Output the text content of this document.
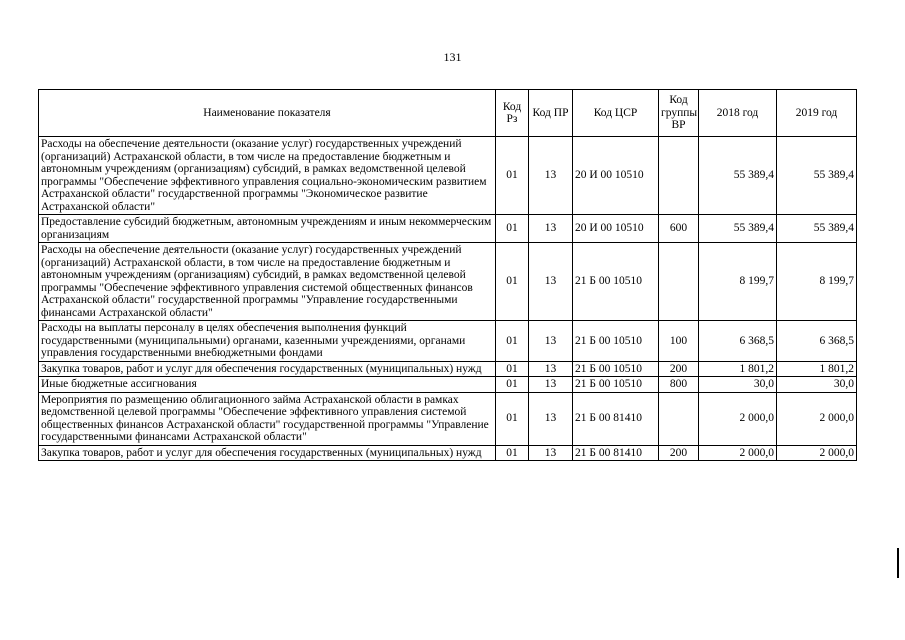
131
Наименование показателя	Код Рз	Код ПР	Код ЦСР	Код группы ВР	2018 год	2019 год
Расходы на обеспечение деятельности (оказание услуг) государственных учреждений (организаций) Астраханской области, в том числе на предоставление бюджетным и автономным учреждениям (организациям) субсидий, в рамках ведомственной целевой программы "Обеспечение эффективного управления социально-экономическим развитием Астраханской области" государственной программы "Экономическое развитие Астраханской области"	01	13	20 И 00 10510		55 389,4	55 389,4
Предоставление субсидий бюджетным, автономным учреждениям и иным некоммерческим организациям	01	13	20 И 00 10510	600	55 389,4	55 389,4
Расходы на обеспечение деятельности (оказание услуг) государственных учреждений (организаций) Астраханской области, в том числе на предоставление бюджетным и автономным учреждениям (организациям) субсидий, в рамках ведомственной целевой программы "Обеспечение эффективного управления системой общественных финансов Астраханской области" государственной программы "Управление государственными финансами Астраханской области"	01	13	21 Б 00 10510		8 199,7	8 199,7
Расходы на выплаты персоналу в целях обеспечения выполнения функций государственными (муниципальными) органами, казенными учреждениями, органами управления государственными внебюджетными фондами	01	13	21 Б 00 10510	100	6 368,5	6 368,5
Закупка товаров, работ и услуг для обеспечения государственных (муниципальных) нужд	01	13	21 Б 00 10510	200	1 801,2	1 801,2
Иные бюджетные ассигнования	01	13	21 Б 00 10510	800	30,0	30,0
Мероприятия по размещению облигационного займа Астраханской области в рамках ведомственной целевой программы "Обеспечение эффективного управления системой общественных финансов Астраханской области" государственной программы "Управление государственными финансами Астраханской области"	01	13	21 Б 00 81410		2 000,0	2 000,0
Закупка товаров, работ и услуг для обеспечения государственных (муниципальных) нужд	01	13	21 Б 00 81410	200	2 000,0	2 000,0
